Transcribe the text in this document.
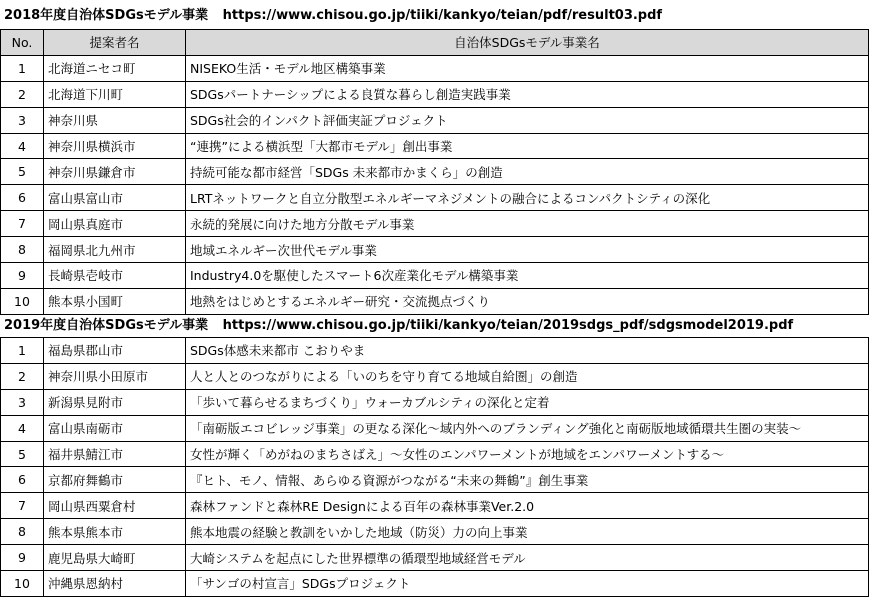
2018年度自治体SDGsモデル事業 https://www.chisou.go.jp/tiiki/kankyo/teian/pdf/result03.pdf
No.	提案者名	自治体SDGsモデル事業名
1	北海道ニセコ町	NISEKO生活・モデル地区構築事業
2	北海道下川町	SDGsパートナーシップによる良質な暮らし創造実践事業
3	神奈川県	SDGs社会的インパクト評価実証プロジェクト
4	神奈川県横浜市	“連携”による横浜型「大都市モデル」創出事業
5	神奈川県鎌倉市	持続可能な都市経営「SDGs 未来都市かまくら」の創造
6	富山県富山市	LRTネットワークと自立分散型エネルギーマネジメントの融合によるコンパクトシティの深化
7	岡山県真庭市	永続的発展に向けた地方分散モデル事業
8	福岡県北九州市	地域エネルギー次世代モデル事業
9	長崎県壱岐市	Industry4.0を駆使したスマート6次産業化モデル構築事業
10	熊本県小国町	地熱をはじめとするエネルギー研究・交流拠点づくり
2019年度自治体SDGsモデル事業 https://www.chisou.go.jp/tiiki/kankyo/teian/2019sdgs_pdf/sdgsmodel2019.pdf
1	福島県郡山市	SDGs体感未来都市 こおりやま
2	神奈川県小田原市	人と人とのつながりによる「いのちを守り育てる地域自給圏」の創造
3	新潟県見附市	「歩いて暮らせるまちづくり」ウォーカブルシティの深化と定着
4	富山県南砺市	「南砺版エコビレッジ事業」の更なる深化～域内外へのブランディング強化と南砺版地域循環共生圏の実装～
5	福井県鯖江市	女性が輝く「めがねのまちさばえ」～女性のエンパワーメントが地域をエンパワーメントする～
6	京都府舞鶴市	『ヒト、モノ、情報、あらゆる資源がつながる“未来の舞鶴”』創生事業
7	岡山県西粟倉村	森林ファンドと森林RE Designによる百年の森林事業Ver.2.0
8	熊本県熊本市	熊本地震の経験と教訓をいかした地域（防災）力の向上事業
9	鹿児島県大崎町	大崎システムを起点にした世界標準の循環型地域経営モデル
10	沖縄県恩納村	「サンゴの村宣言」SDGsプロジェクト
